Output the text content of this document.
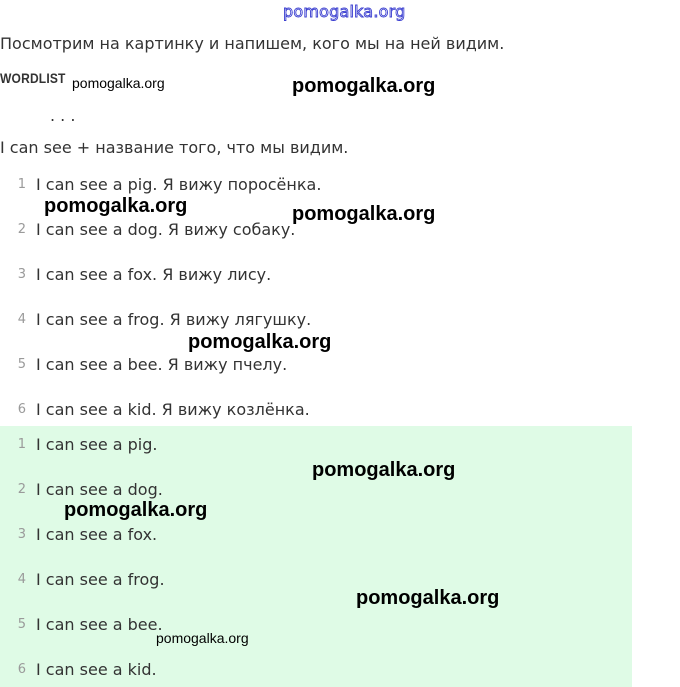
pomogalka.org
Посмотрим на картинку и напишем, кого мы на ней видим.
WORDLIST
. . .
I can see + название того, что мы видим.
1 I can see a pig. Я вижу поросёнка.
2 I can see a dog. Я вижу собаку.
3 I can see a fox. Я вижу лису.
4 I can see a frog. Я вижу лягушку.
5 I can see a bee. Я вижу пчелу.
6 I can see a kid. Я вижу козлёнка.
1 I can see a pig.
2 I can see a dog.
3 I can see a fox.
4 I can see a frog.
5 I can see a bee.
6 I can see a kid.
pomogalka.org	pomogalka.org
pomogalka.org	pomogalka.org
pomogalka.org
pomogalka.org
pomogalka.org
pomogalka.org
pomogalka.org
